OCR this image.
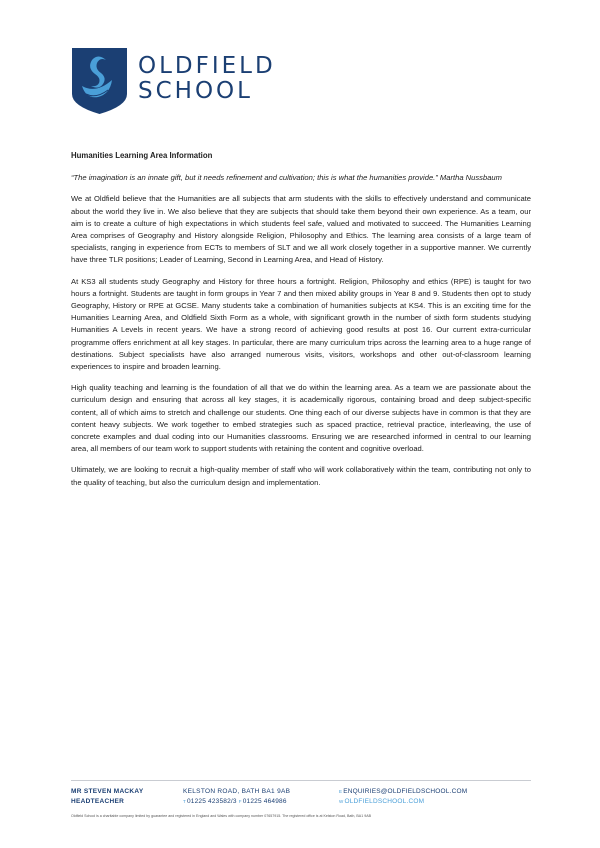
OLDFIELD
SCHOOL
Humanities Learning Area Information
“The imagination is an innate gift, but it needs refinement and cultivation; this is what the humanities provide.” Martha Nussbaum

We at Oldfield believe that the Humanities are all subjects that arm students with the skills to effectively understand and communicate about the world they live in. We also believe that they are subjects that should take them beyond their own experience. As a team, our aim is to create a culture of high expectations in which students feel safe, valued and motivated to succeed. The Humanities Learning Area comprises of Geography and History alongside Religion, Philosophy and Ethics. The learning area consists of a large team of specialists, ranging in experience from ECTs to members of SLT and we all work closely together in a supportive manner. We currently have three TLR positions; Leader of Learning, Second in Learning Area, and Head of History.

At KS3 all students study Geography and History for three hours a fortnight. Religion, Philosophy and ethics (RPE) is taught for two hours a fortnight. Students are taught in form groups in Year 7 and then mixed ability groups in Year 8 and 9. Students then opt to study Geography, History or RPE at GCSE. Many students take a combination of humanities subjects at KS4. This is an exciting time for the Humanities Learning Area, and Oldfield Sixth Form as a whole, with significant growth in the number of sixth form students studying Humanities A Levels in recent years. We have a strong record of achieving good results at post 16. Our current extra-curricular programme offers enrichment at all key stages. In particular, there are many curriculum trips across the learning area to a huge range of destinations. Subject specialists have also arranged numerous visits, visitors, workshops and other out-of-classroom learning experiences to inspire and broaden learning.

High quality teaching and learning is the foundation of all that we do within the learning area. As a team we are passionate about the curriculum design and ensuring that across all key stages, it is academically rigorous, containing broad and deep subject-specific content, all of which aims to stretch and challenge our students. One thing each of our diverse subjects have in common is that they are content heavy subjects. We work together to embed strategies such as spaced practice, retrieval practice, interleaving, the use of concrete examples and dual coding into our Humanities classrooms. Ensuring we are researched informed in central to our learning area, all members of our team work to support students with retaining the content and cognitive overload.

Ultimately, we are looking to recruit a high-quality member of staff who will work collaboratively within the team, contributing not only to the quality of teaching, but also the curriculum design and implementation.

MR STEVEN MACKAY
HEADTEACHER
KELSTON ROAD, BATH BA1 9AB
$^T$01225 423582/3 $^F$01225 464986
$^E$ENQUIRIES@OLDFIELDSCHOOL.COM
$^W$OLDFIELDSCHOOL.COM
Oldfield School is a charitable company limited by guarantee and registered in England and Wales with company number 07657915. The registered office is at Kelston Road, Bath, BA1 9AB
